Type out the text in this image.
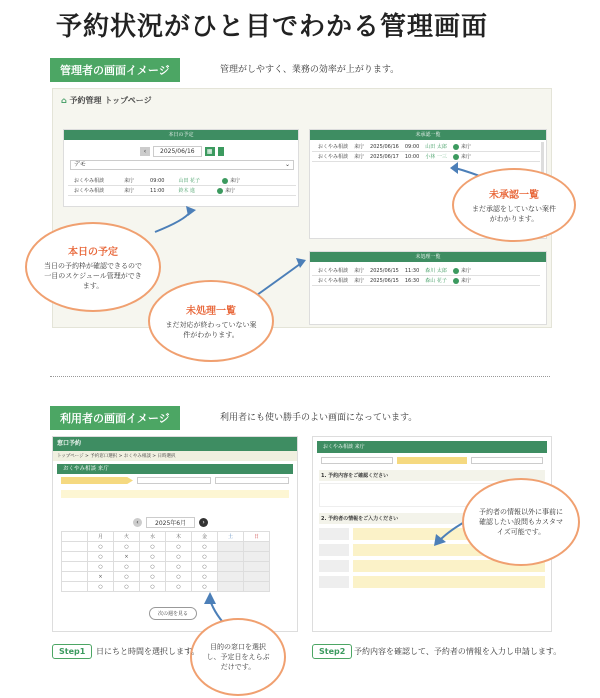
予約状況がひと目でわかる管理画面
管理者の画面イメージ	管理がしやすく、業務の効率が上がります。
⌂ 予約管理 トップページ
本日の予定
‹	2025/06/16	▦
デモ	⌄
おくやみ相談	来庁	09:00	山田 花子	来庁
おくやみ相談	来庁	11:00	鈴木 進	来庁
未承認一覧
おくやみ相談 来庁 2025/06/16 09:00 山田 太郎	来庁
おくやみ相談 来庁 2025/06/17 10:00 小林 一三	来庁
未処理一覧
おくやみ相談 来庁 2025/06/15 11:30 森川 太郎	来庁
おくやみ相談 来庁 2025/06/15 16:30 森山 花子	来庁
本日の予定
当日の予約枠が確認できるので一目のスケジュール管理ができます。
未処理一覧
まだ対応が終わっていない案件がわかります。
未承認一覧
まだ承認をしていない案件がわかります。
利用者の画面イメージ	利用者にも使い勝手のよい画面になっています。
窓口予約
トップページ > 予約窓口選択 > おくやみ相談 > 日時選択
おくやみ相談 来庁
‹	2025年6月	›
	月	火	水	木	金	土	日
	○	○	○	○	○		
	○	×	○	○	○		
	○	○	○	○	○		
	×	○	○	○	○		
	○	○	○	○	○		
次の週を見る
おくやみ相談 来庁
1. 予約内容をご確認ください
2. 予約者の情報をご入力ください
目的の窓口を選択し、予定日をえらぶだけです。
予約者の情報以外に事前に確認したい設問もカスタマイズ可能です。
Step1	日にちと時間を選択します。	Step2	予約内容を確認して、予約者の情報を入力し申請します。
